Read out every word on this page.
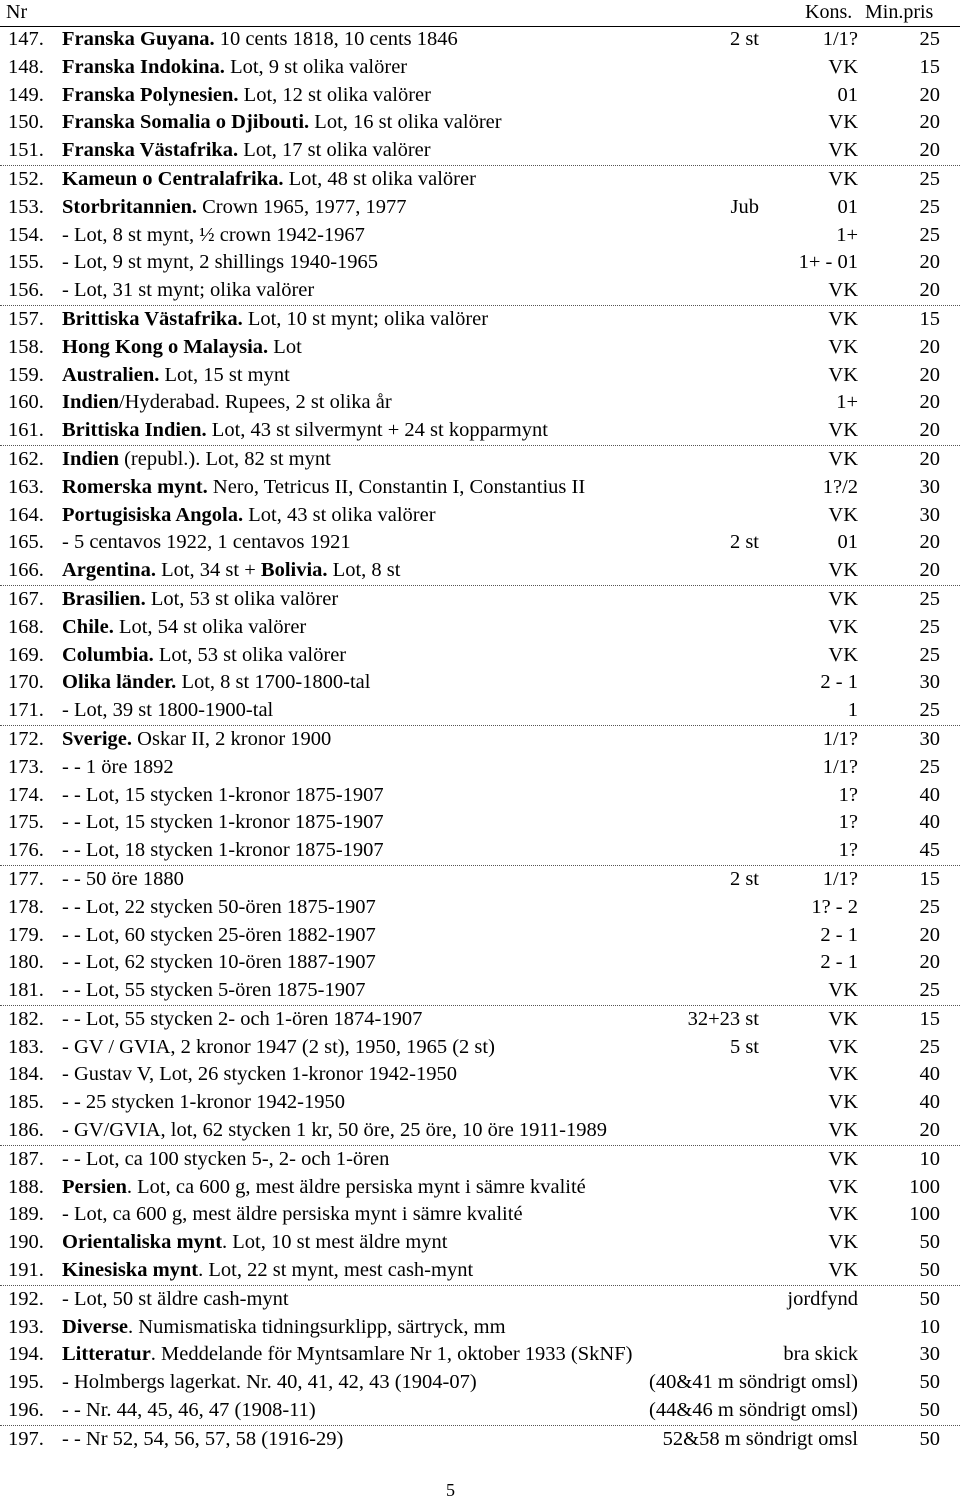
Nr	Kons. Min.pris
147. Franska Guyana. 10 cents 1818, 10 cents 1846	2 st	1/1?	25
148. Franska Indokina. Lot, 9 st olika valörer	VK	15
149. Franska Polynesien. Lot, 12 st olika valörer	01	20
150. Franska Somalia o Djibouti. Lot, 16 st olika valörer	VK	20
151. Franska Västafrika. Lot, 17 st olika valörer	VK	20
152. Kameun o Centralafrika. Lot, 48 st olika valörer	VK	25
153. Storbritannien. Crown 1965, 1977, 1977	Jub	01	25
154. - Lot, 8 st mynt, ½ crown 1942-1967	1+	25
155. - Lot, 9 st mynt, 2 shillings 1940-1965	1+ - 01	20
156. - Lot, 31 st mynt; olika valörer	VK	20
157. Brittiska Västafrika. Lot, 10 st mynt; olika valörer	VK	15
158. Hong Kong o Malaysia. Lot	VK	20
159. Australien. Lot, 15 st mynt	VK	20
160. Indien/Hyderabad. Rupees, 2 st olika år	1+	20
161. Brittiska Indien. Lot, 43 st silvermynt + 24 st kopparmynt	VK	20
162. Indien (republ.). Lot, 82 st mynt	VK	20
163. Romerska mynt. Nero, Tetricus II, Constantin I, Constantius II	1?/2	30
164. Portugisiska Angola. Lot, 43 st olika valörer	VK	30
165. - 5 centavos 1922, 1 centavos 1921	2 st	01	20
166. Argentina. Lot, 34 st + Bolivia. Lot, 8 st	VK	20
167. Brasilien. Lot, 53 st olika valörer	VK	25
168. Chile. Lot, 54 st olika valörer	VK	25
169. Columbia. Lot, 53 st olika valörer	VK	25
170. Olika länder. Lot, 8 st 1700-1800-tal	2 - 1	30
171. - Lot, 39 st 1800-1900-tal	1	25
172. Sverige. Oskar II, 2 kronor 1900	1/1?	30
173. - - 1 öre 1892	1/1?	25
174. - - Lot, 15 stycken 1-kronor 1875-1907	1?	40
175. - - Lot, 15 stycken 1-kronor 1875-1907	1?	40
176. - - Lot, 18 stycken 1-kronor 1875-1907	1?	45
177. - - 50 öre 1880	2 st	1/1?	15
178. - - Lot, 22 stycken 50-ören 1875-1907	1? - 2	25
179. - - Lot, 60 stycken 25-ören 1882-1907	2 - 1	20
180. - - Lot, 62 stycken 10-ören 1887-1907	2 - 1	20
181. - - Lot, 55 stycken 5-ören 1875-1907	VK	25
182. - - Lot, 55 stycken 2- och 1-ören 1874-1907	32+23 st	VK	15
183. - GV / GVIA, 2 kronor 1947 (2 st), 1950, 1965 (2 st)	5 st	VK	25
184. - Gustav V, Lot, 26 stycken 1-kronor 1942-1950	VK	40
185. - - 25 stycken 1-kronor 1942-1950	VK	40
186. - GV/GVIA, lot, 62 stycken 1 kr, 50 öre, 25 öre, 10 öre 1911-1989	VK	20
187. - - Lot, ca 100 stycken 5-, 2- och 1-ören	VK	10
188. Persien. Lot, ca 600 g, mest äldre persiska mynt i sämre kvalité	VK	100
189. - Lot, ca 600 g, mest äldre persiska mynt i sämre kvalité	VK	100
190. Orientaliska mynt. Lot, 10 st mest äldre mynt	VK	50
191. Kinesiska mynt. Lot, 22 st mynt, mest cash-mynt	VK	50
192. - Lot, 50 st äldre cash-mynt	jordfynd	50
193. Diverse. Numismatiska tidningsurklipp, särtryck, mm	10
194. Litteratur. Meddelande för Myntsamlare Nr 1, oktober 1933 (SkNF)	bra skick	30
195. - Holmbergs lagerkat. Nr. 40, 41, 42, 43 (1904-07)	(40&41 m söndrigt omsl)	50
196. - - Nr. 44, 45, 46, 47 (1908-11)	(44&46 m söndrigt omsl)	50
197. - - Nr 52, 54, 56, 57, 58 (1916-29)	52&58 m söndrigt omsl	50
5
